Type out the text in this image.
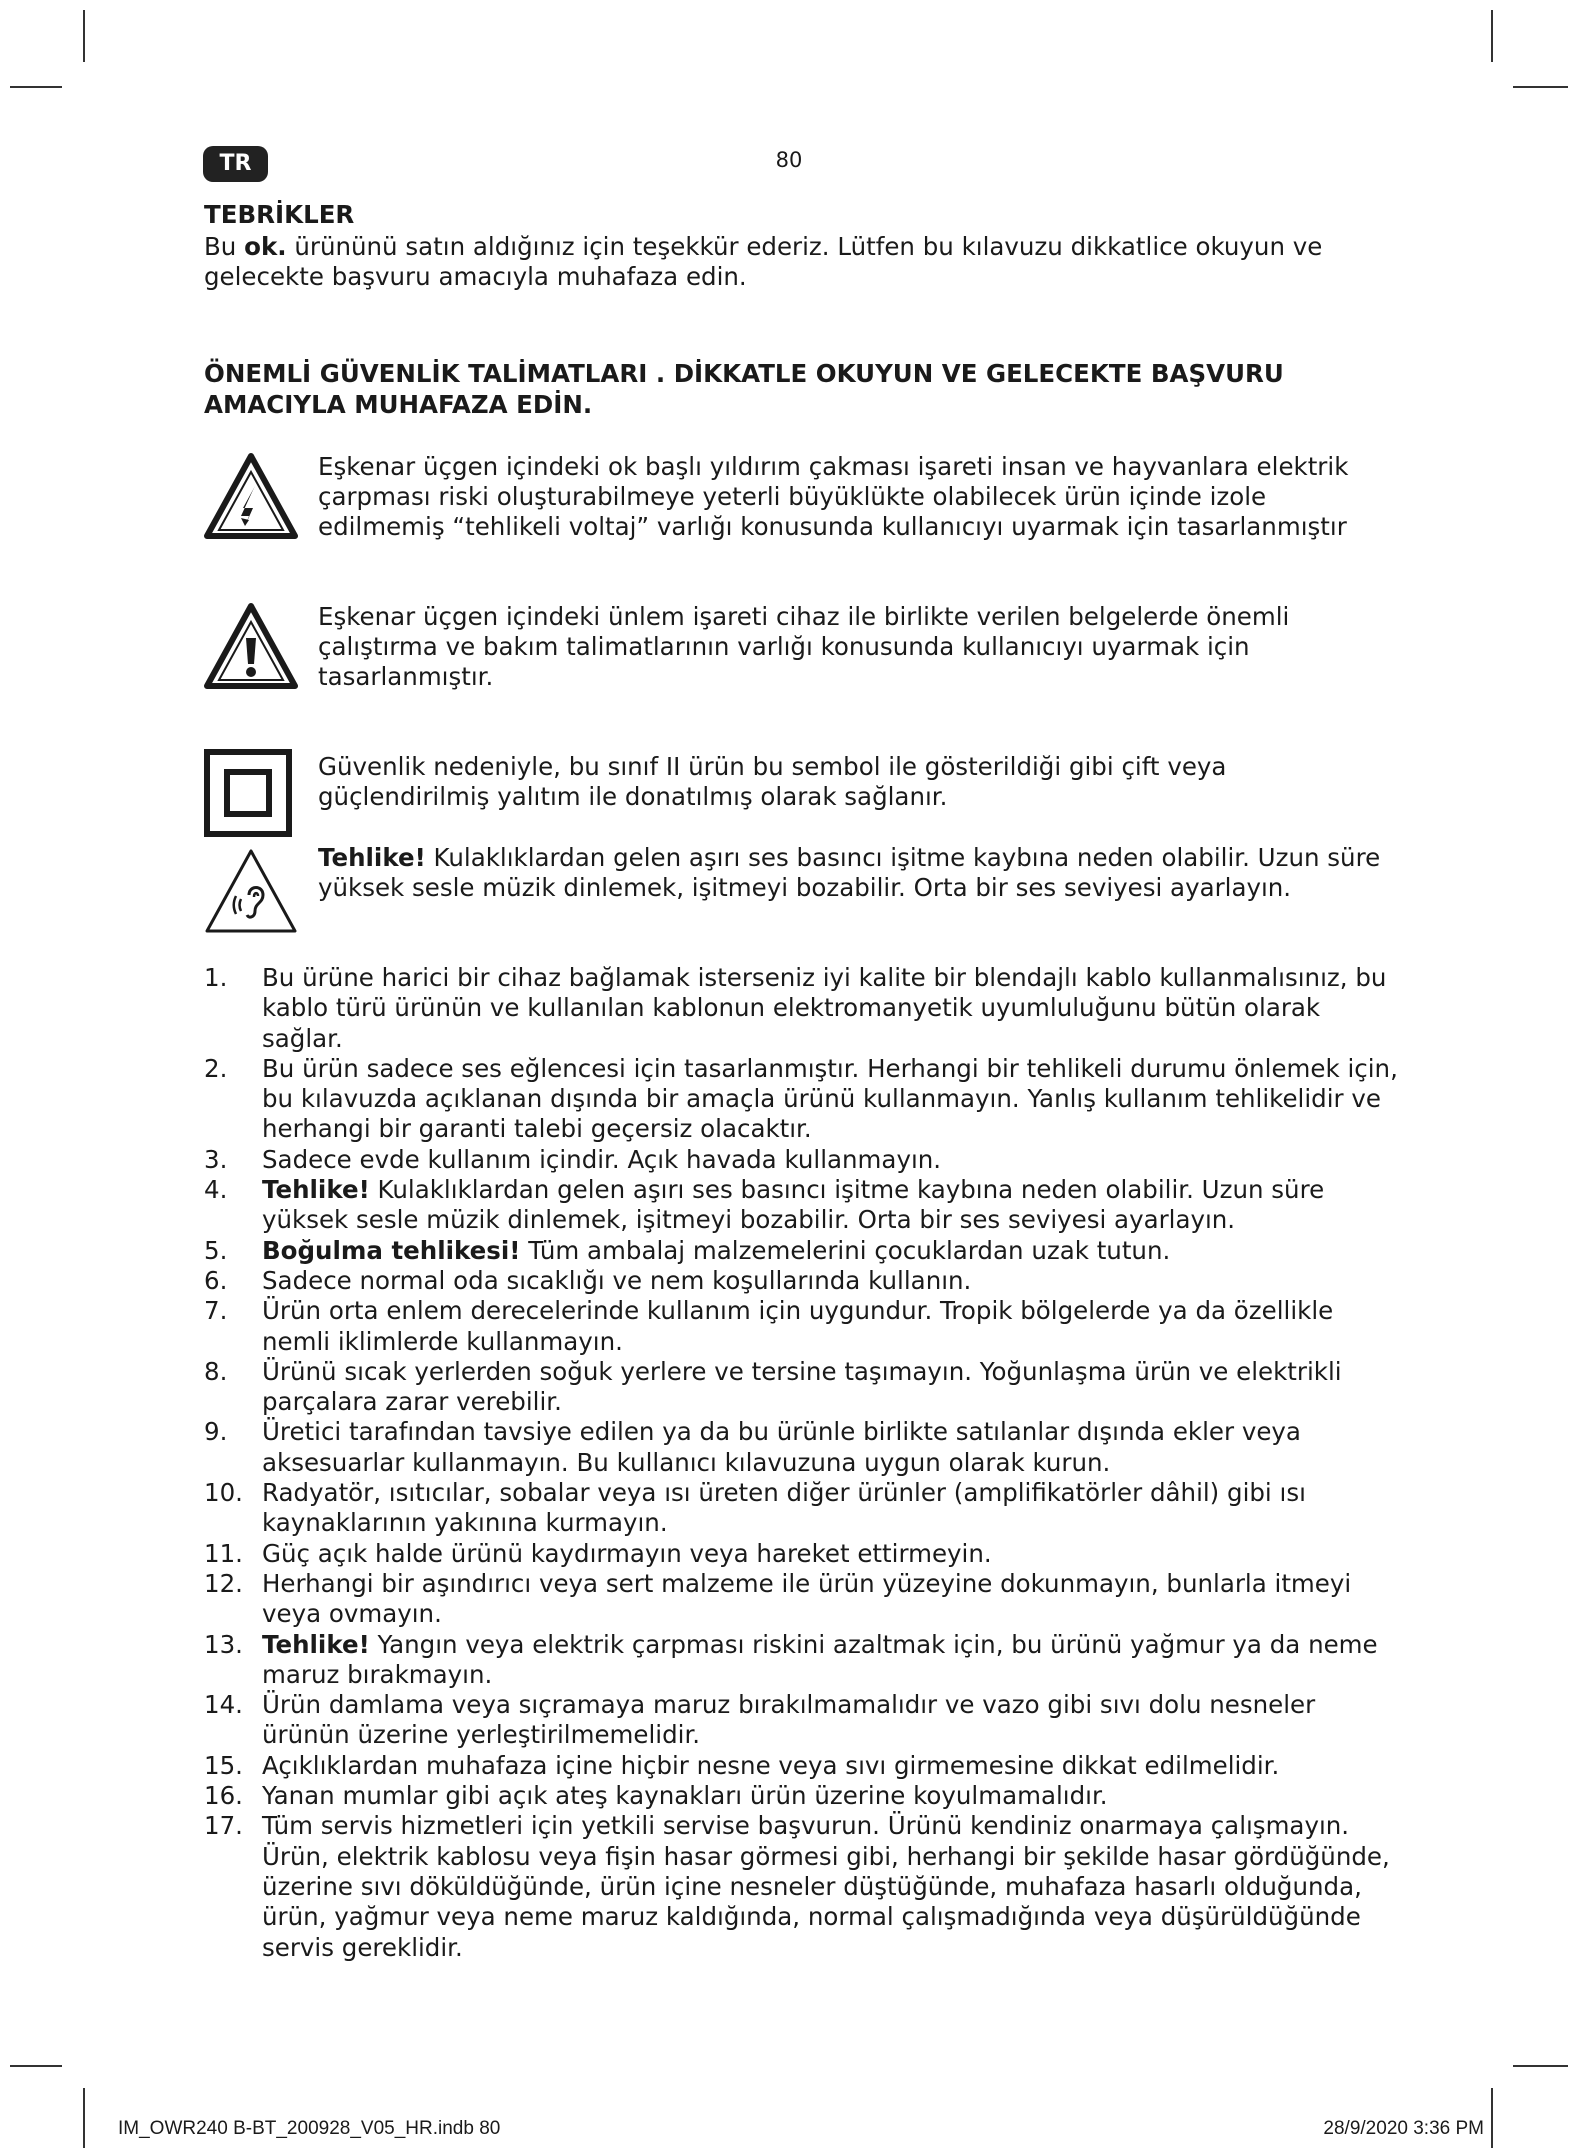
TR	80
TEBRİKLER
Bu ok. ürününü satın aldığınız için teşekkür ederiz. Lütfen bu kılavuzu dikkatlice okuyun ve gelecekte başvuru amacıyla muhafaza edin.
ÖNEMLİ GÜVENLİK TALİMATLARI . DİKKATLE OKUYUN VE GELECEKTE BAŞVURU AMACIYLA MUHAFAZA EDİN.
Eşkenar üçgen içindeki ok başlı yıldırım çakması işareti insan ve hayvanlara elektrik çarpması riski oluşturabilmeye yeterli büyüklükte olabilecek ürün içinde izole edilmemiş “tehlikeli voltaj” varlığı konusunda kullanıcıyı uyarmak için tasarlanmıştır
Eşkenar üçgen içindeki ünlem işareti cihaz ile birlikte verilen belgelerde önemli çalıştırma ve bakım talimatlarının varlığı konusunda kullanıcıyı uyarmak için tasarlanmıştır.
Güvenlik nedeniyle, bu sınıf II ürün bu sembol ile gösterildiği gibi çift veya güçlendirilmiş yalıtım ile donatılmış olarak sağlanır.
Tehlike! Kulaklıklardan gelen aşırı ses basıncı işitme kaybına neden olabilir. Uzun süre yüksek sesle müzik dinlemek, işitmeyi bozabilir. Orta bir ses seviyesi ayarlayın.
1. Bu ürüne harici bir cihaz bağlamak isterseniz iyi kalite bir blendajlı kablo kullanmalısınız, bu kablo türü ürünün ve kullanılan kablonun elektromanyetik uyumluluğunu bütün olarak sağlar.
2. Bu ürün sadece ses eğlencesi için tasarlanmıştır. Herhangi bir tehlikeli durumu önlemek için, bu kılavuzda açıklanan dışında bir amaçla ürünü kullanmayın. Yanlış kullanım tehlikelidir ve herhangi bir garanti talebi geçersiz olacaktır.
3. Sadece evde kullanım içindir. Açık havada kullanmayın.
4. Tehlike! Kulaklıklardan gelen aşırı ses basıncı işitme kaybına neden olabilir. Uzun süre yüksek sesle müzik dinlemek, işitmeyi bozabilir. Orta bir ses seviyesi ayarlayın.
5. Boğulma tehlikesi! Tüm ambalaj malzemelerini çocuklardan uzak tutun.
6. Sadece normal oda sıcaklığı ve nem koşullarında kullanın.
7. Ürün orta enlem derecelerinde kullanım için uygundur. Tropik bölgelerde ya da özellikle nemli iklimlerde kullanmayın.
8. Ürünü sıcak yerlerden soğuk yerlere ve tersine taşımayın. Yoğunlaşma ürün ve elektrikli parçalara zarar verebilir.
9. Üretici tarafından tavsiye edilen ya da bu ürünle birlikte satılanlar dışında ekler veya aksesuarlar kullanmayın. Bu kullanıcı kılavuzuna uygun olarak kurun.
10. Radyatör, ısıtıcılar, sobalar veya ısı üreten diğer ürünler (amplifikatörler dâhil) gibi ısı kaynaklarının yakınına kurmayın.
11. Güç açık halde ürünü kaydırmayın veya hareket ettirmeyin.
12. Herhangi bir aşındırıcı veya sert malzeme ile ürün yüzeyine dokunmayın, bunlarla itmeyi veya ovmayın.
13. Tehlike! Yangın veya elektrik çarpması riskini azaltmak için, bu ürünü yağmur ya da neme maruz bırakmayın.
14. Ürün damlama veya sıçramaya maruz bırakılmamalıdır ve vazo gibi sıvı dolu nesneler ürünün üzerine yerleştirilmemelidir.
15. Açıklıklardan muhafaza içine hiçbir nesne veya sıvı girmemesine dikkat edilmelidir.
16. Yanan mumlar gibi açık ateş kaynakları ürün üzerine koyulmamalıdır.
17. Tüm servis hizmetleri için yetkili servise başvurun. Ürünü kendiniz onarmaya çalışmayın. Ürün, elektrik kablosu veya fişin hasar görmesi gibi, herhangi bir şekilde hasar gördüğünde, üzerine sıvı döküldüğünde, ürün içine nesneler düştüğünde, muhafaza hasarlı olduğunda, ürün, yağmur veya neme maruz kaldığında, normal çalışmadığında veya düşürüldüğünde servis gereklidir.
IM_OWR240 B-BT_200928_V05_HR.indb 80	28/9/2020 3:36 PM
